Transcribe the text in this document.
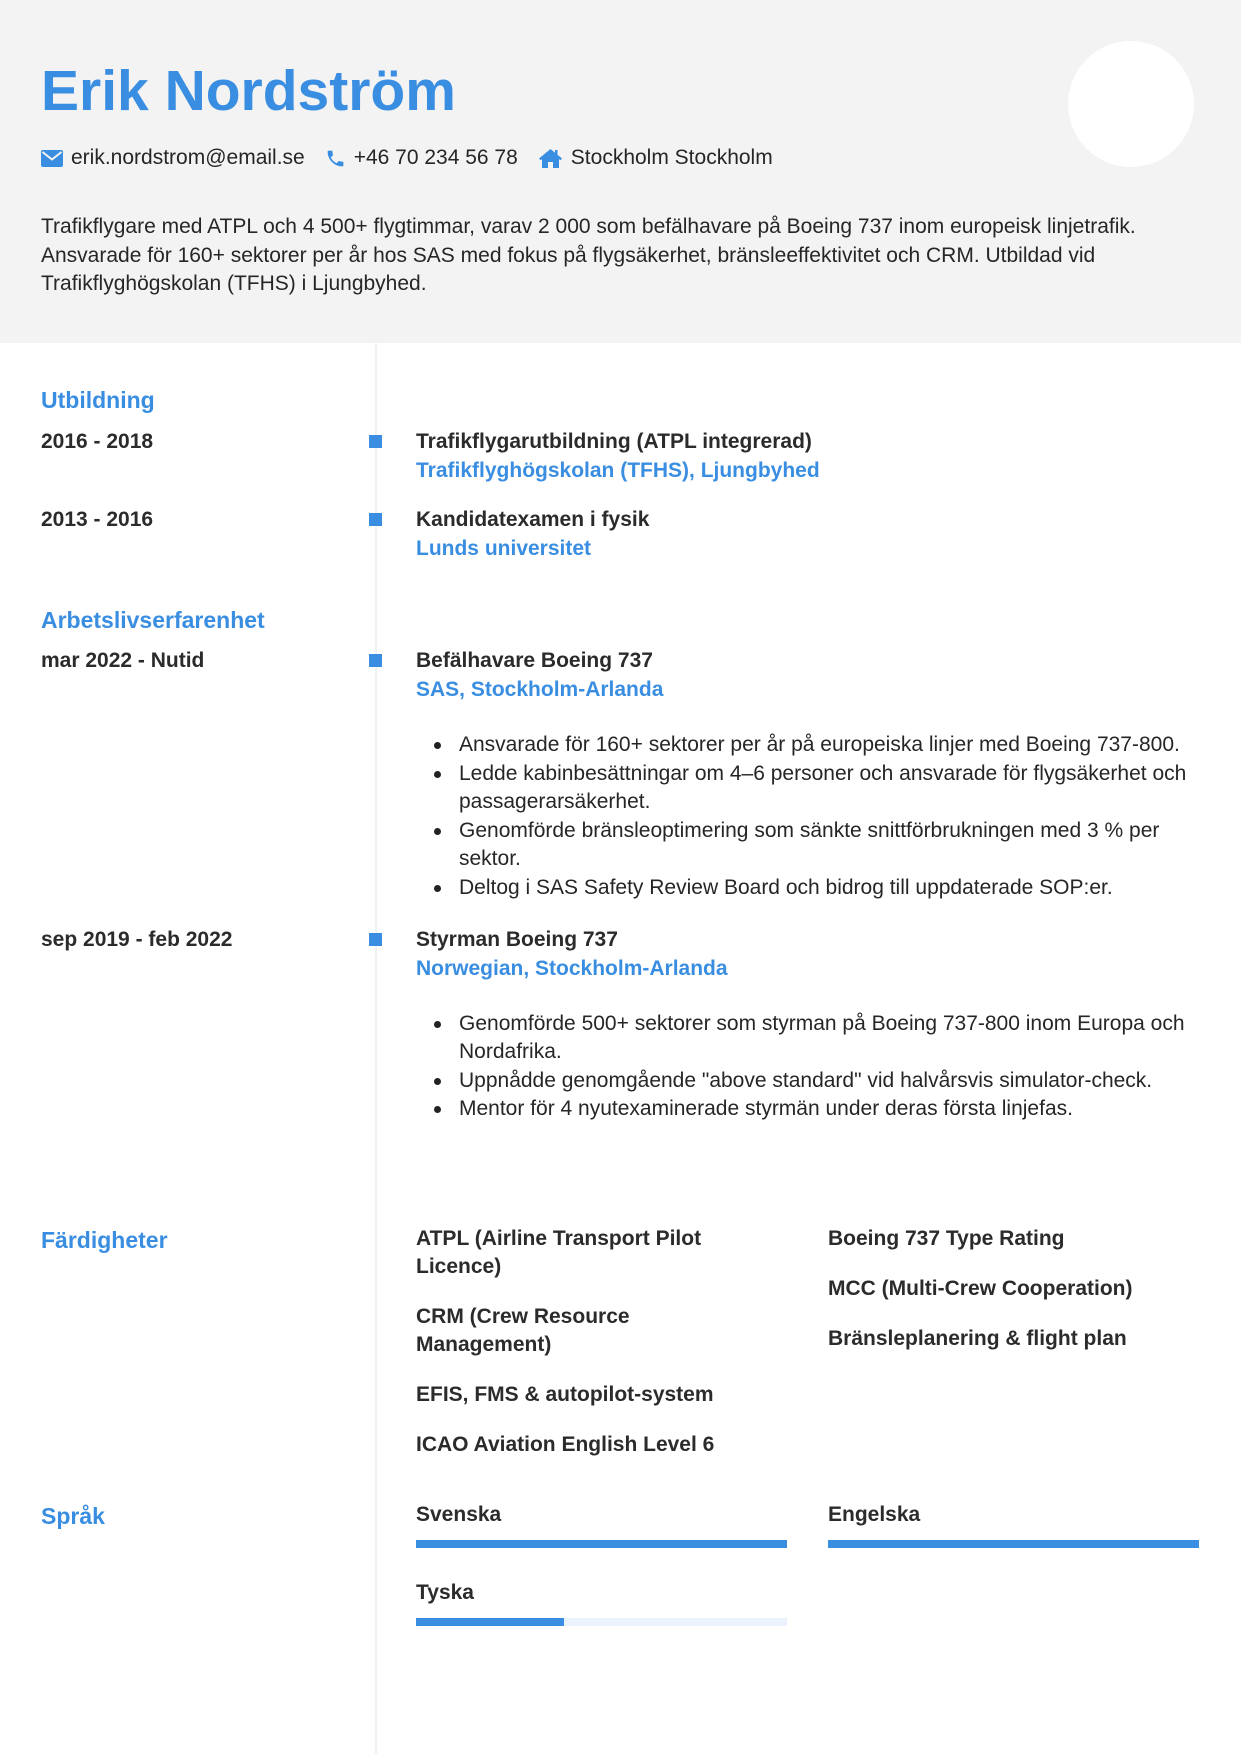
Erik Nordström
erik.nordstrom@email.se +46 70 234 56 78	Stockholm Stockholm
Trafikflygare med ATPL och 4 500+ flygtimmar, varav 2 000 som befälhavare på Boeing 737 inom europeisk linjetrafik. Ansvarade för 160+ sektorer per år hos SAS med fokus på flygsäkerhet, bränsleeffektivitet och CRM. Utbildad vid Trafikflyghögskolan (TFHS) i Ljungbyhed.
Utbildning
2016 - 2018	Trafikflygarutbildning (ATPL integrerad)
Trafikflyghögskolan (TFHS), Ljungbyhed
2013 - 2016	Kandidatexamen i fysik
Lunds universitet
Arbetslivserfarenhet
mar 2022 - Nutid	Befälhavare Boeing 737
SAS, Stockholm-Arlanda
Ansvarade för 160+ sektorer per år på europeiska linjer med Boeing 737-800.
Ledde kabinbesättningar om 4–6 personer och ansvarade för flygsäkerhet och passagerarsäkerhet.
Genomförde bränsleoptimering som sänkte snittförbrukningen med 3 % per sektor.
Deltog i SAS Safety Review Board och bidrog till uppdaterade SOP:er.
sep 2019 - feb 2022	Styrman Boeing 737
Norwegian, Stockholm-Arlanda
Genomförde 500+ sektorer som styrman på Boeing 737-800 inom Europa och Nordafrika.
Uppnådde genomgående "above standard" vid halvårsvis simulator-check.
Mentor för 4 nyutexaminerade styrmän under deras första linjefas.
Färdigheter	ATPL (Airline Transport Pilot Licence)
CRM (Crew Resource Management)
EFIS, FMS & autopilot-system
ICAO Aviation English Level 6
Boeing 737 Type Rating
MCC (Multi-Crew Cooperation)
Bränsleplanering & flight plan
Språk	Svenska	Engelska
Tyska
